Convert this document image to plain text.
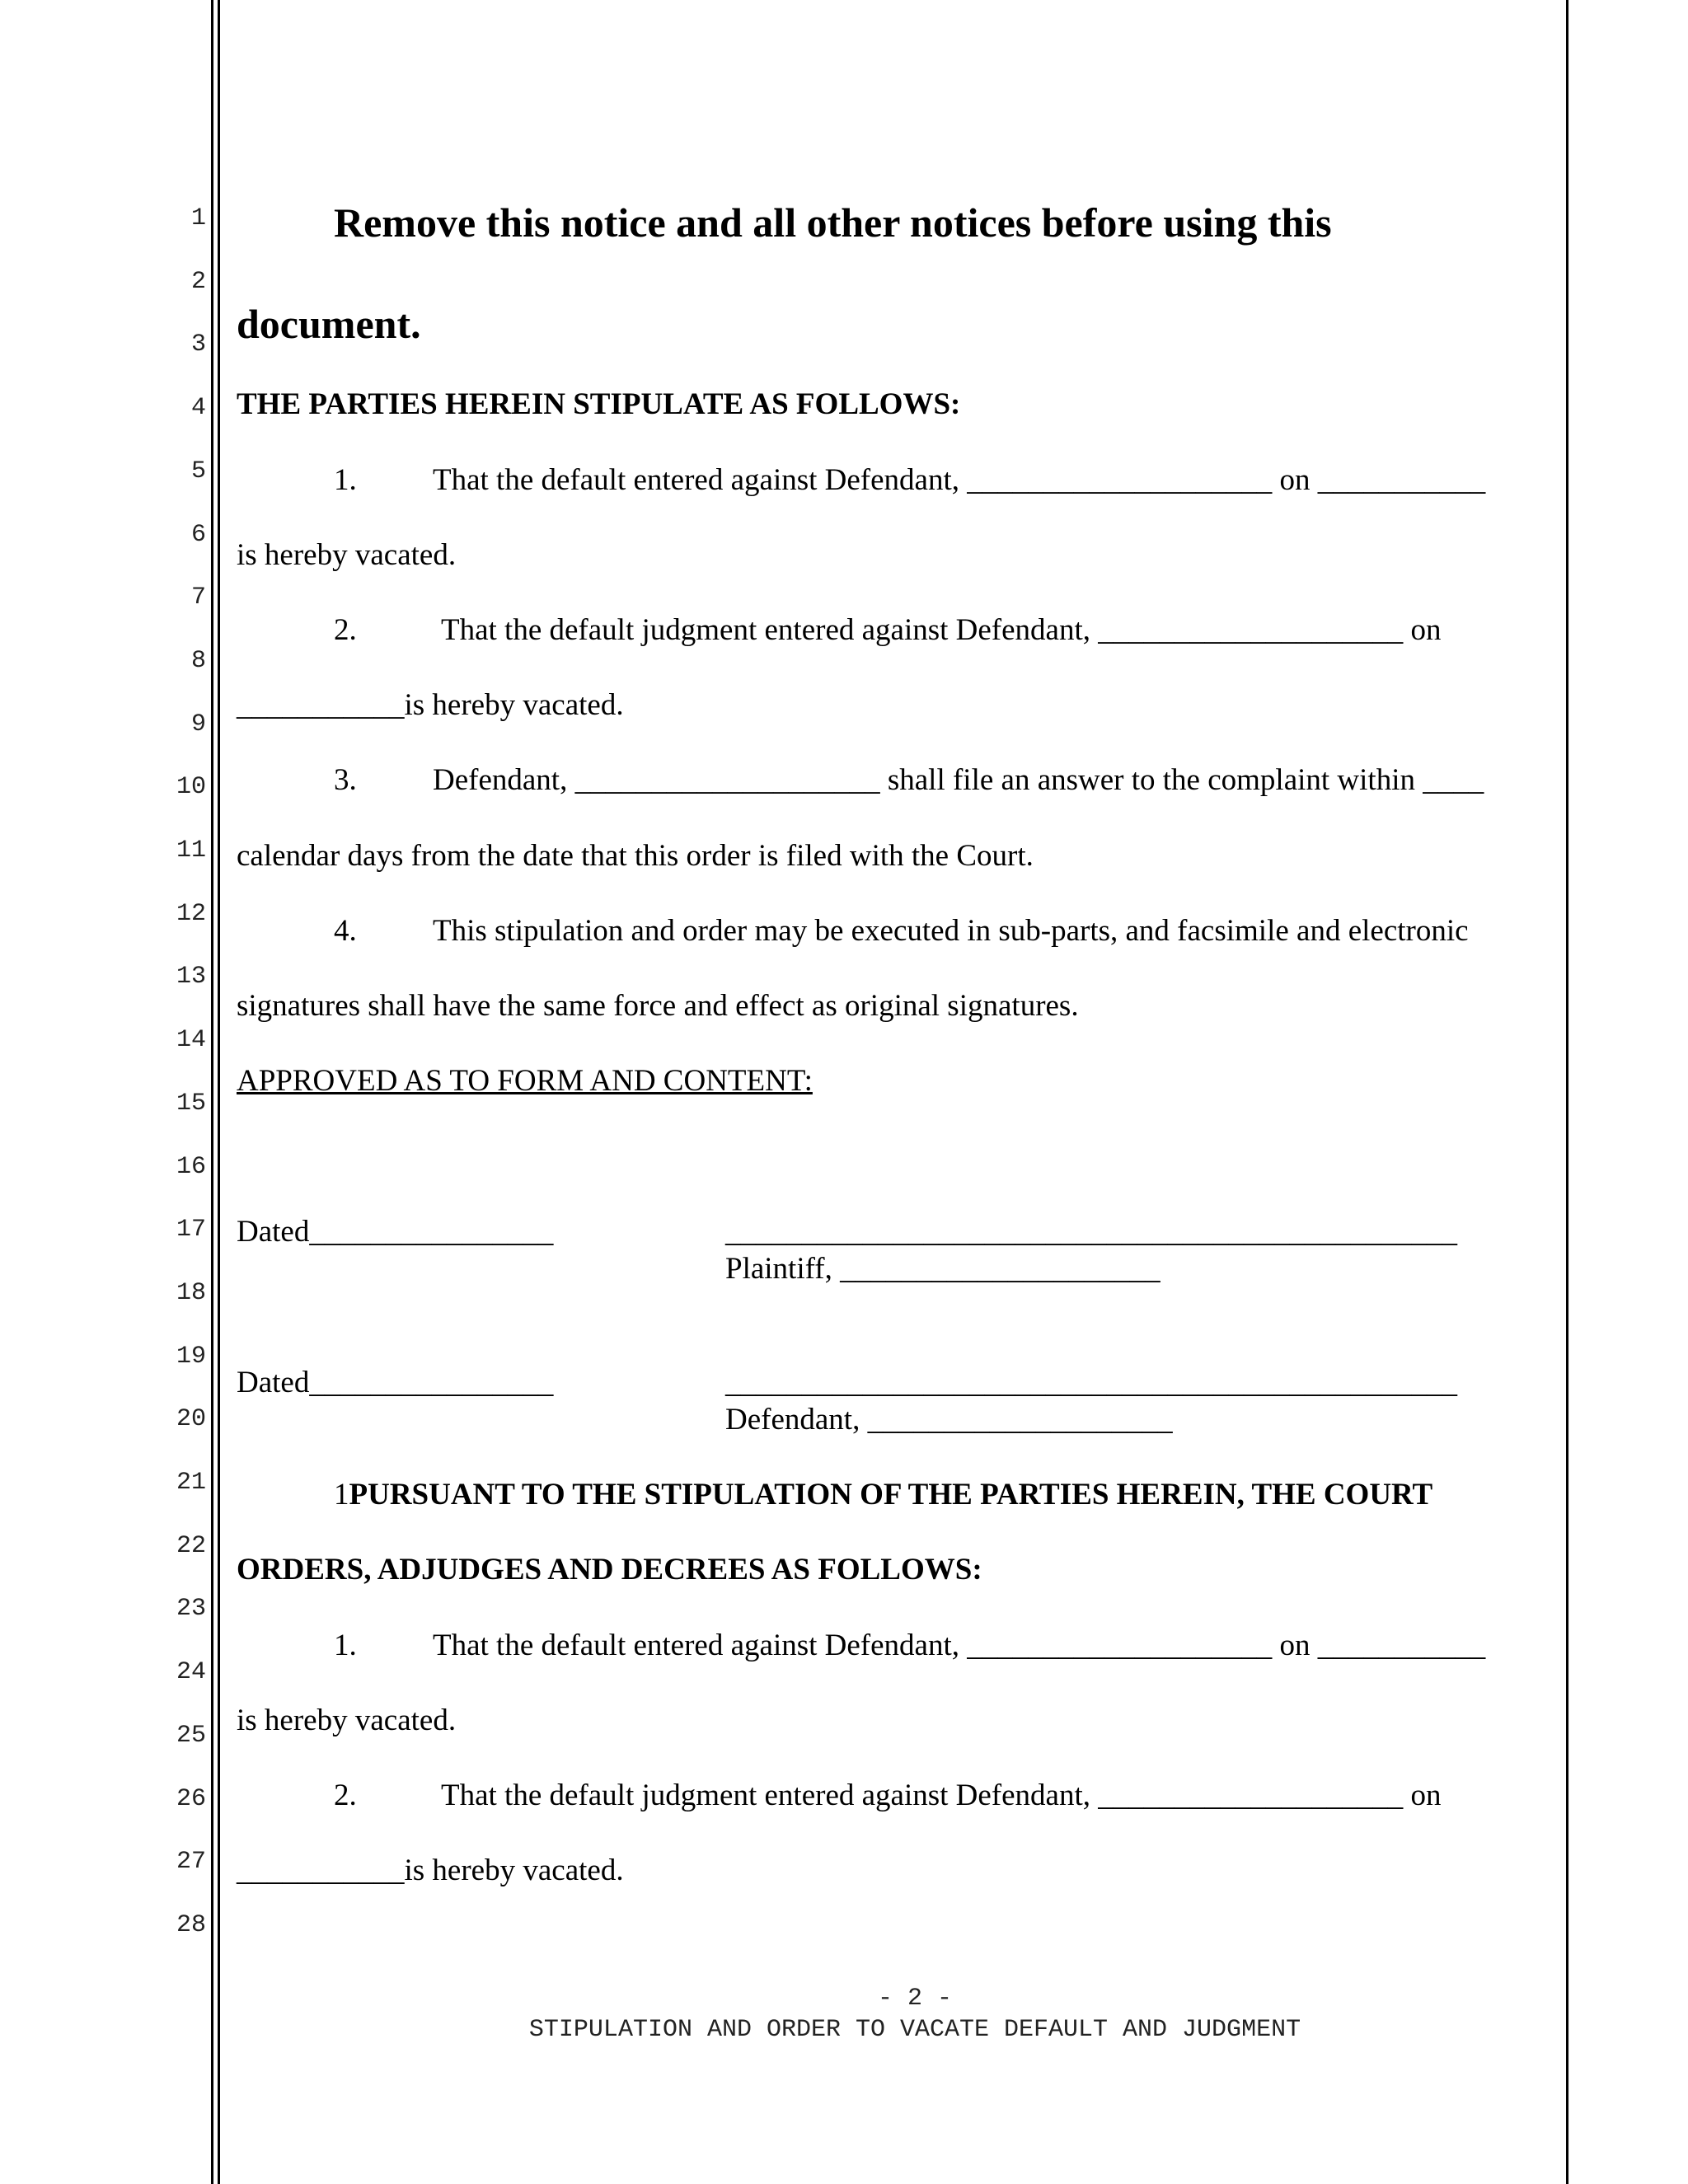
1
2
3
4
5
6
7
8
9
10
11
12
13
14
15
16
17
18
19
20
21
22
23
24
25
26
27
28
Remove this notice and all other notices before using this
document.
THE PARTIES HEREIN STIPULATE AS FOLLOWS:
1. That the default entered against Defendant, ____________________ on ___________
is hereby vacated.
2.	That the default judgment entered against Defendant, ____________________ on
___________is hereby vacated.
3. Defendant, ____________________ shall file an answer to the complaint within ____
calendar days from the date that this order is filed with the Court.
4. This stipulation and order may be executed in sub-parts, and facsimile and electronic
signatures shall have the same force and effect as original signatures.
APPROVED AS TO FORM AND CONTENT:
Dated________________	________________________________________________
Plaintiff, _____________________
Dated________________	________________________________________________
Defendant, ____________________
1PURSUANT TO THE STIPULATION OF THE PARTIES HEREIN, THE COURT
ORDERS, ADJUDGES AND DECREES AS FOLLOWS:
1. That the default entered against Defendant, ____________________ on ___________
is hereby vacated.
2.	That the default judgment entered against Defendant, ____________________ on
___________is hereby vacated.
- 2 -
STIPULATION AND ORDER TO VACATE DEFAULT AND JUDGMENT
